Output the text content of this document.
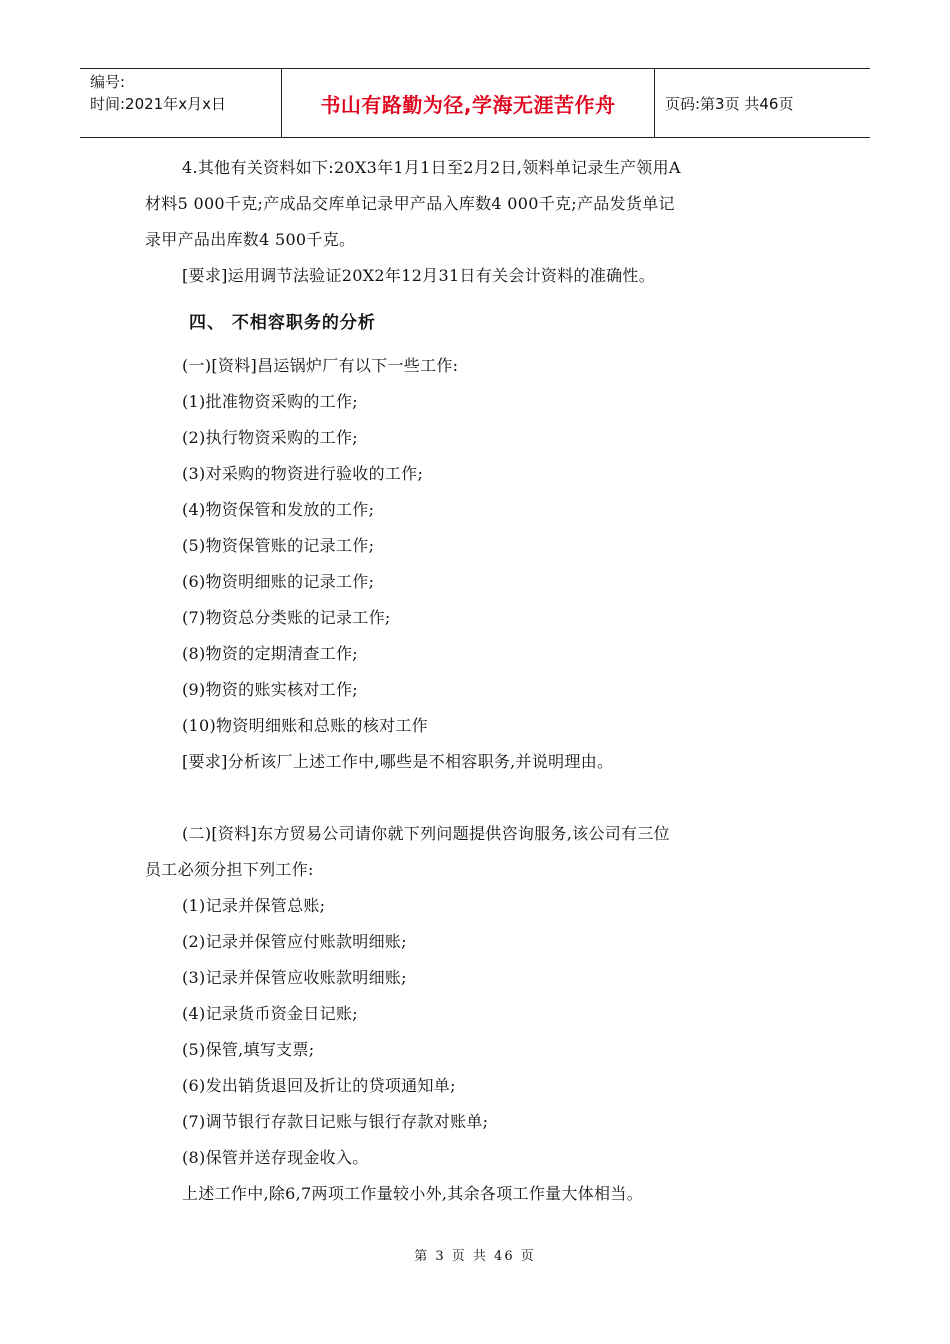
编号:
时间:2021年x月x日	书山有路勤为径,学海无涯苦作舟	页码:第3页 共46页
4.其他有关资料如下:20X3年1月1日至2月2日,领料单记录生产领用A
材料5 000千克;产成品交库单记录甲产品入库数4 000千克;产品发货单记
录甲产品出库数4 500千克。
[要求]运用调节法验证20X2年12月31日有关会计资料的准确性。
四、 不相容职务的分析
(一)[资料]昌运锅炉厂有以下一些工作:
(1)批准物资采购的工作;
(2)执行物资采购的工作;
(3)对采购的物资进行验收的工作;
(4)物资保管和发放的工作;
(5)物资保管账的记录工作;
(6)物资明细账的记录工作;
(7)物资总分类账的记录工作;
(8)物资的定期清查工作;
(9)物资的账实核对工作;
(10)物资明细账和总账的核对工作
[要求]分析该厂上述工作中,哪些是不相容职务,并说明理由。
(二)[资料]东方贸易公司请你就下列问题提供咨询服务,该公司有三位
员工必须分担下列工作:
(1)记录并保管总账;
(2)记录并保管应付账款明细账;
(3)记录并保管应收账款明细账;
(4)记录货币资金日记账;
(5)保管,填写支票;
(6)发出销货退回及折让的贷项通知单;
(7)调节银行存款日记账与银行存款对账单;
(8)保管并送存现金收入。
上述工作中,除6,7两项工作量较小外,其余各项工作量大体相当。
第 3 页 共 46 页
